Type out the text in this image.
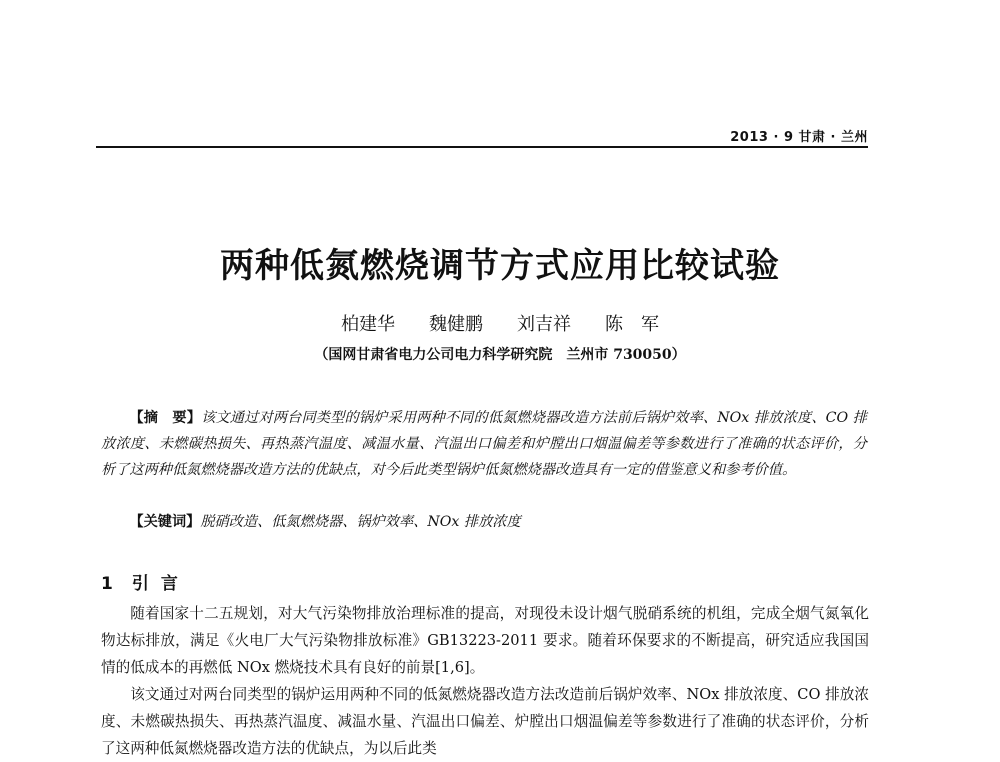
2013 · 9 甘肃 · 兰州
两种低氮燃烧调节方式应用比较试验
柏建华 魏健鹏 刘吉祥 陈　军
（国网甘肃省电力公司电力科学研究院　兰州市 730050）

【摘　要】该文通过对两台同类型的锅炉采用两种不同的低氮燃烧器改造方法前后锅炉效率、NOx 排放浓度、CO 排放浓度、未燃碳热损失、再热蒸汽温度、减温水量、汽温出口偏差和炉膛出口烟温偏差等参数进行了准确的状态评价，分析了这两种低氮燃烧器改造方法的优缺点，对今后此类型锅炉低氮燃烧器改造具有一定的借鉴意义和参考价值。

【关键词】脱硝改造、低氮燃烧器、锅炉效率、NOx 排放浓度

1 引言

随着国家十二五规划，对大气污染物排放治理标准的提高，对现役未设计烟气脱硝系统的机组，完成全烟气氮氧化物达标排放，满足《火电厂大气污染物排放标准》GB13223-2011 要求。随着环保要求的不断提高，研究适应我国国情的低成本的再燃低 NOx 燃烧技术具有良好的前景[1,6]。

该文通过对两台同类型的锅炉运用两种不同的低氮燃烧器改造方法改造前后锅炉效率、NOx 排放浓度、CO 排放浓度、未燃碳热损失、再热蒸汽温度、减温水量、汽温出口偏差、炉膛出口烟温偏差等参数进行了准确的状态评价，分析了这两种低氮燃烧器改造方法的优缺点，为以后此类
